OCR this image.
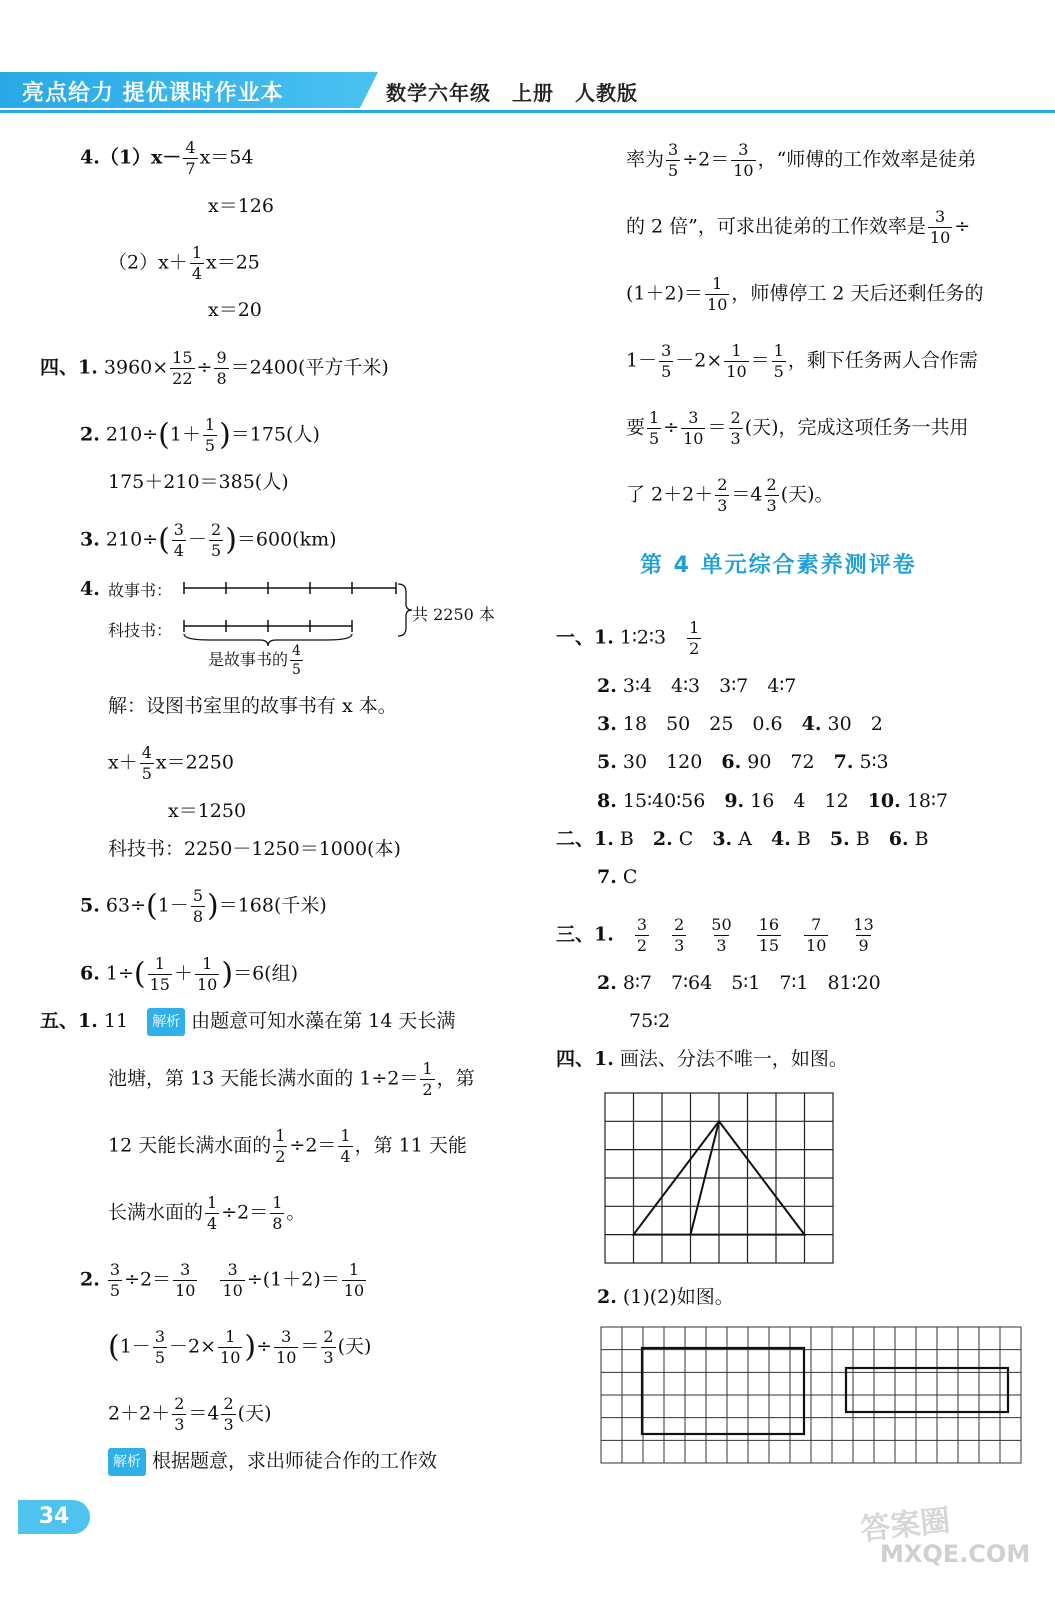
亮点给力 提优课时作业本	数学六年级　上册　人教版
$4.(1)x- \frac{4}{7} x=54$
x＝126
$(2)x+ \frac{1}{4} x=25$
x＝20
四、1. $3960\times \frac{15}{22} \div \frac{9}{8} =2400$(平方千米)
2. $210\div(1+ \frac{1}{5} )=175$(人)
175＋210＝385(人)
3. $210\div( \frac{3}{4} - \frac{2}{5} )=600(km)$
4. 故事书：
科技书：
共 2250 本
是故事书的 $\frac{4}{5}$
解：设图书室里的故事书有 x 本。
$x+ \frac{4}{5} x=2250$
x＝1250
科技书：2250－1250＝1000(本)
5. $63\div(1- \frac{5}{8} )=168$(千米)
6. $1\div( \frac{1}{15} + \frac{1}{10} )=6$(组)
五、1. 11　 解析 由题意可知水藻在第 14 天长满
池塘，第 13 天能长满水面的 $1\div 2= \frac{1}{2}$ ，第
12 天能长满水面的 $\frac{1}{2} \div 2= \frac{1}{4}$ ，第 11 天能
长满水面的 $\frac{1}{4} \div 2= \frac{1}{8}$ 。
2. $\frac{3}{5} \div 2= \frac{3}{10}$
　 $\frac{3}{10} \div(1+2)= \frac{1}{10}$
($1- \frac{3}{5} -2\times \frac{1}{10}$ )÷ $\frac{3}{10} = \frac{2}{3}$ (天)
$2+2+ \frac{2}{3} =4 \frac{2}{3}$ (天)
解析 根据题意，求出师徒合作的工作效
率为 $\frac{3}{5} \div 2= \frac{3}{10}$ ，“师傅的工作效率是徒弟
的 2 倍”，可求出徒弟的工作效率是 $\frac{3}{10}$ ÷
$(1+2)= \frac{1}{10}$ ，师傅停工 2 天后还剩任务的
$1- \frac{3}{5} -2\times \frac{1}{10} = \frac{1}{5}$ ，剩下任务两人合作需
要 $\frac{1}{5} \div \frac{3}{10} = \frac{2}{3}$ (天)，完成这项任务一共用
了 $2+2+ \frac{2}{3} =4 \frac{2}{3}$ (天)。
第 4 单元综合素养测评卷
一、1. 1∶2∶3　 $\frac{1}{2}$
2. 3∶4　4∶3　3∶7　4∶7
3. 18　50　25　0.6　 4. 30　2
5. 30　120　 6. 90　72　 7. 5∶3
8. 15∶40∶56　 9. 16　4　12　 10. 18∶7
二、1. B　 2. C　 3. A　 4. B　 5. B　 6. B
7. C
三、1.　 $\frac{3}{2}$
　 $\frac{2}{3}$
　 $\frac{50}{3}$
　 $\frac{16}{15}$
　 $\frac{7}{10}$
　 $\frac{13}{9}$
2. 8∶7　7∶64　5∶1　7∶1　81∶20
75∶2
四、1. 画法、分法不唯一，如图。
2. (1)(2)如图。
34	答案圈
MXQE.COM
